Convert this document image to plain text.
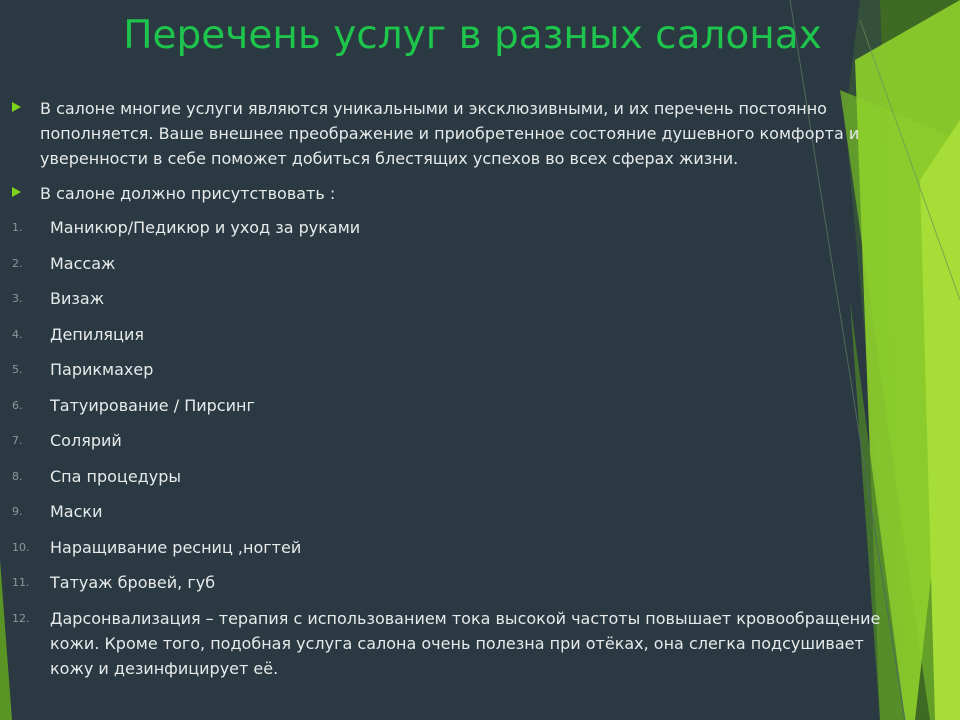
Перечень услуг в разных салонах

В салоне многие услуги являются уникальными и эксклюзивными, и их перечень постоянно пополняется. Ваше внешнее преображение и приобретенное состояние душевного комфорта и уверенности в себе поможет добиться блестящих успехов во всех сферах жизни.

В салоне должно присутствовать :

1. Маникюр/Педикюр и уход за руками
2. Массаж
3. Визаж
4. Депиляция
5. Парикмахер
6. Татуирование / Пирсинг
7. Солярий
8. Спа процедуры
9. Маски
10. Наращивание ресниц ,ногтей
11. Татуаж бровей, губ
12. Дарсонвализация – терапия с использованием тока высокой частоты повышает кровообращение кожи. Кроме того, подобная услуга салона очень полезна при отёках, она слегка подсушивает кожу и дезинфицирует её.
